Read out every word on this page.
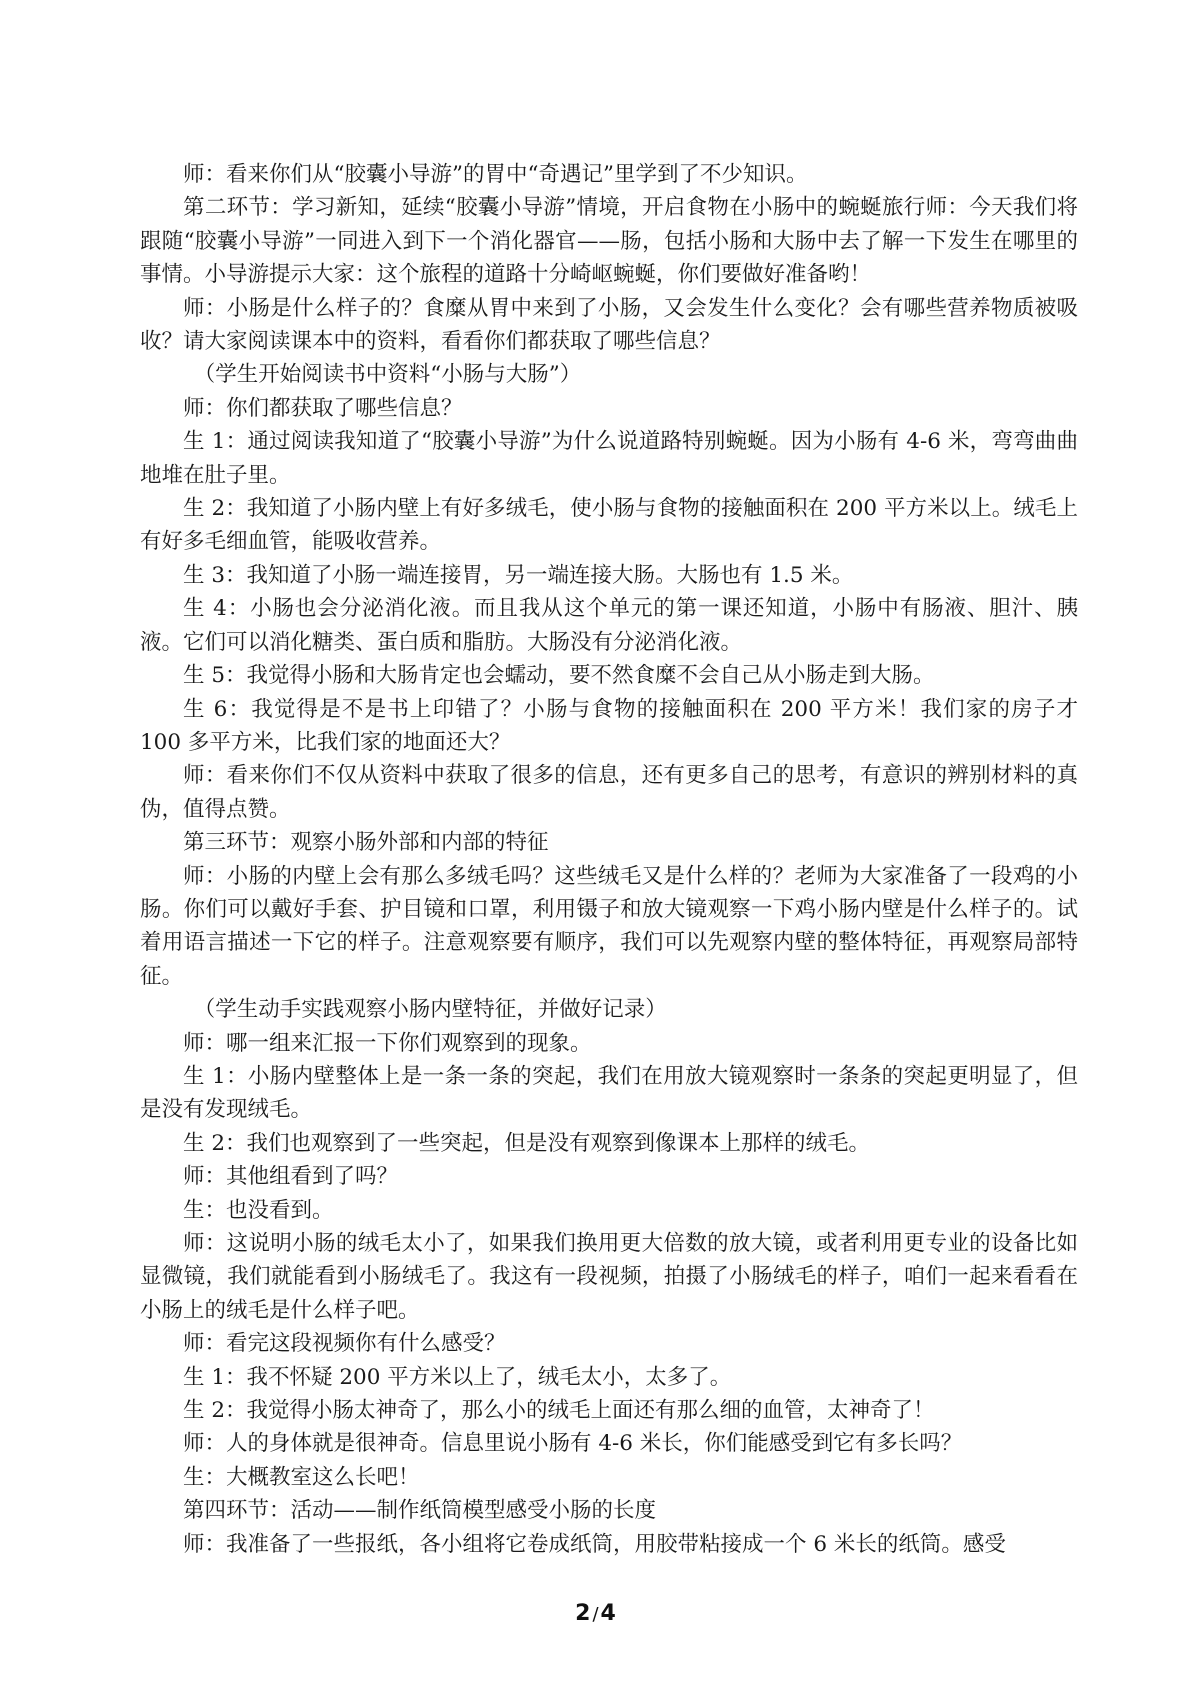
师：看来你们从“胶囊小导游”的胃中“奇遇记”里学到了不少知识。

第二环节：学习新知，延续“胶囊小导游”情境，开启食物在小肠中的蜿蜒旅行师：今天我们将跟随“胶囊小导游”一同进入到下一个消化器官——肠，包括小肠和大肠中去了解一下发生在哪里的事情。小导游提示大家：这个旅程的道路十分崎岖蜿蜒，你们要做好准备哟！

师：小肠是什么样子的？食糜从胃中来到了小肠，又会发生什么变化？会有哪些营养物质被吸收？请大家阅读课本中的资料，看看你们都获取了哪些信息？

（学生开始阅读书中资料“小肠与大肠”）

师：你们都获取了哪些信息？

生 1：通过阅读我知道了“胶囊小导游”为什么说道路特别蜿蜒。因为小肠有 4-6 米，弯弯曲曲地堆在肚子里。

生 2：我知道了小肠内壁上有好多绒毛，使小肠与食物的接触面积在 200 平方米以上。绒毛上有好多毛细血管，能吸收营养。

生 3：我知道了小肠一端连接胃，另一端连接大肠。大肠也有 1.5 米。

生 4：小肠也会分泌消化液。而且我从这个单元的第一课还知道，小肠中有肠液、胆汁、胰液。它们可以消化糖类、蛋白质和脂肪。大肠没有分泌消化液。

生 5：我觉得小肠和大肠肯定也会蠕动，要不然食糜不会自己从小肠走到大肠。

生 6：我觉得是不是书上印错了？小肠与食物的接触面积在 200 平方米！我们家的房子才 100 多平方米，比我们家的地面还大？

师：看来你们不仅从资料中获取了很多的信息，还有更多自己的思考，有意识的辨别材料的真伪，值得点赞。

第三环节：观察小肠外部和内部的特征

师：小肠的内壁上会有那么多绒毛吗？这些绒毛又是什么样的？老师为大家准备了一段鸡的小肠。你们可以戴好手套、护目镜和口罩，利用镊子和放大镜观察一下鸡小肠内壁是什么样子的。试着用语言描述一下它的样子。注意观察要有顺序，我们可以先观察内壁的整体特征，再观察局部特征。

（学生动手实践观察小肠内壁特征，并做好记录）

师：哪一组来汇报一下你们观察到的现象。

生 1：小肠内壁整体上是一条一条的突起，我们在用放大镜观察时一条条的突起更明显了，但是没有发现绒毛。

生 2：我们也观察到了一些突起，但是没有观察到像课本上那样的绒毛。

师：其他组看到了吗？

生：也没看到。

师：这说明小肠的绒毛太小了，如果我们换用更大倍数的放大镜，或者利用更专业的设备比如显微镜，我们就能看到小肠绒毛了。我这有一段视频，拍摄了小肠绒毛的样子，咱们一起来看看在小肠上的绒毛是什么样子吧。

师：看完这段视频你有什么感受？

生 1：我不怀疑 200 平方米以上了，绒毛太小，太多了。

生 2：我觉得小肠太神奇了，那么小的绒毛上面还有那么细的血管，太神奇了！

师：人的身体就是很神奇。信息里说小肠有 4-6 米长，你们能感受到它有多长吗？

生：大概教室这么长吧！

第四环节：活动——制作纸筒模型感受小肠的长度

师：我准备了一些报纸，各小组将它卷成纸筒，用胶带粘接成一个 6 米长的纸筒。感受

2 /4
